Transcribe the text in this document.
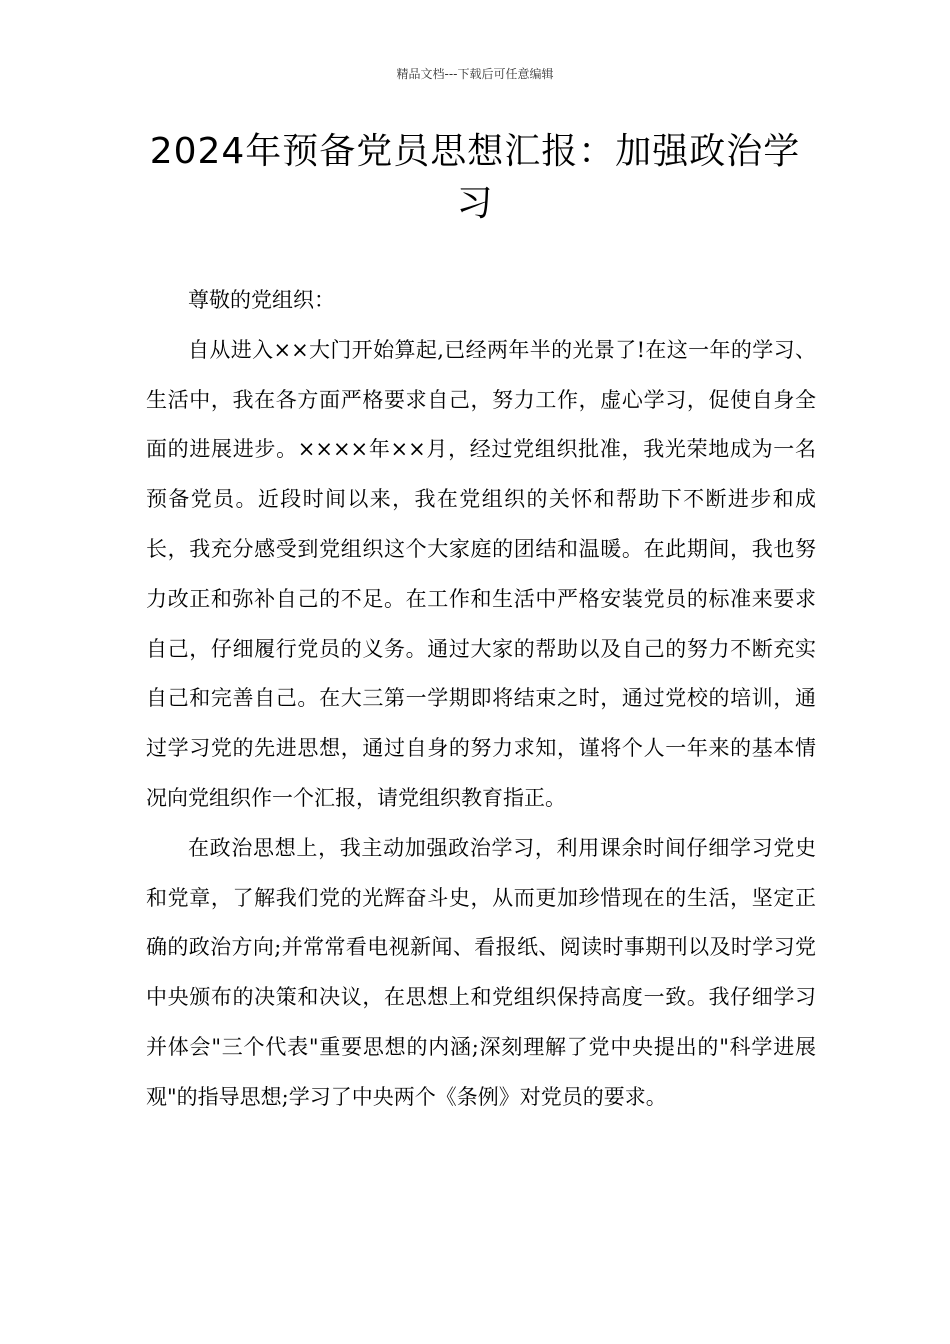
精品文档---下载后可任意编辑
2024年预备党员思想汇报：加强政治学习

尊敬的党组织：

自从进入××大门开始算起,已经两年半的光景了!在这一年的学习、生活中，我在各方面严格要求自己，努力工作，虚心学习，促使自身全面的进展进步。××××年××月，经过党组织批准，我光荣地成为一名预备党员。近段时间以来，我在党组织的关怀和帮助下不断进步和成长，我充分感受到党组织这个大家庭的团结和温暖。在此期间，我也努力改正和弥补自己的不足。在工作和生活中严格安装党员的标准来要求自己，仔细履行党员的义务。通过大家的帮助以及自己的努力不断充实自己和完善自己。在大三第一学期即将结束之时，通过党校的培训，通过学习党的先进思想，通过自身的努力求知，谨将个人一年来的基本情况向党组织作一个汇报，请党组织教育指正。

在政治思想上，我主动加强政治学习，利用课余时间仔细学习党史和党章，了解我们党的光辉奋斗史，从而更加珍惜现在的生活，坚定正确的政治方向;并常常看电视新闻、看报纸、阅读时事期刊以及时学习党中央颁布的决策和决议，在思想上和党组织保持高度一致。我仔细学习并体会"三个代表"重要思想的内涵;深刻理解了党中央提出的"科学进展观"的指导思想;学习了中央两个《条例》对党员的要求。
